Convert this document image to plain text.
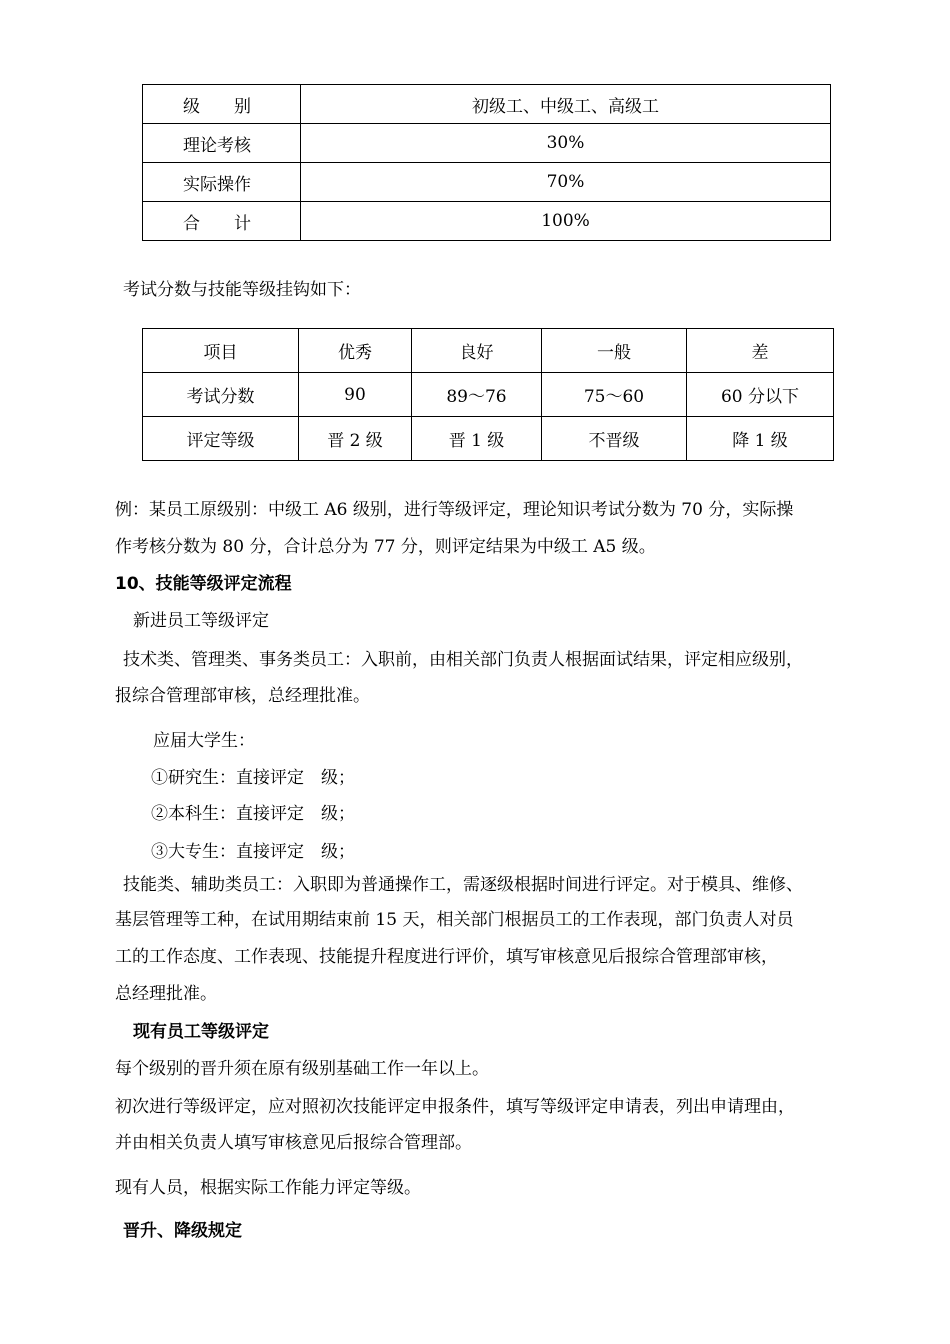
级　　别	初级工、中级工、高级工
理论考核	30%
实际操作	70%
合　　计	100%
考试分数与技能等级挂钩如下：
项目	优秀	良好	一般	差
考试分数	90	89～76	75～60	60 分以下
评定等级	晋 2 级	晋 1 级	不晋级	降 1 级
例：某员工原级别：中级工 A6 级别，进行等级评定，理论知识考试分数为 70 分，实际操
作考核分数为 80 分，合计总分为 77 分，则评定结果为中级工 A5 级。
10、技能等级评定流程
新进员工等级评定
技术类、管理类、事务类员工：入职前，由相关部门负责人根据面试结果，评定相应级别，
报综合管理部审核，总经理批准。
应届大学生：
①研究生：直接评定　级；
②本科生：直接评定　级；
③大专生：直接评定　级；
技能类、辅助类员工：入职即为普通操作工，需逐级根据时间进行评定。对于模具、维修、
基层管理等工种，在试用期结束前 15 天，相关部门根据员工的工作表现，部门负责人对员
工的工作态度、工作表现、技能提升程度进行评价，填写审核意见后报综合管理部审核，
总经理批准。
现有员工等级评定
每个级别的晋升须在原有级别基础工作一年以上。
初次进行等级评定，应对照初次技能评定申报条件，填写等级评定申请表，列出申请理由，
并由相关负责人填写审核意见后报综合管理部。
现有人员，根据实际工作能力评定等级。
晋升、降级规定
